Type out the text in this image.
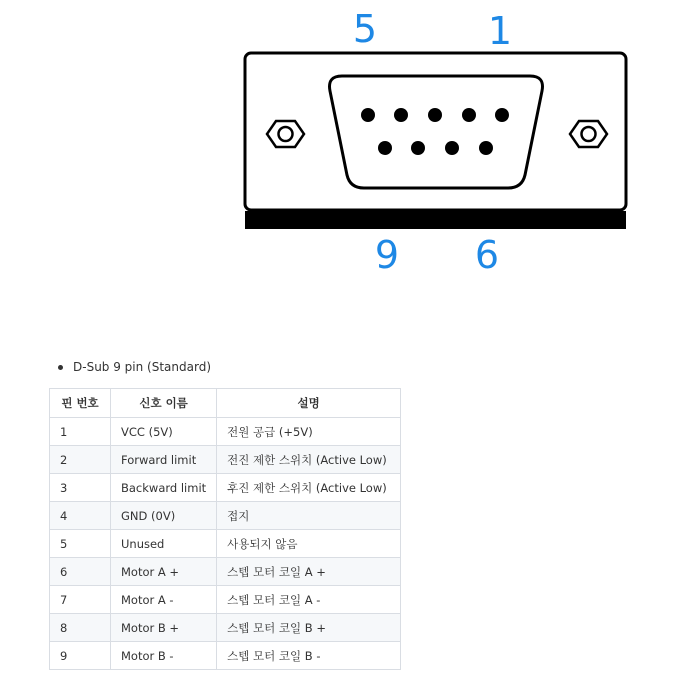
5	1
9 6
D-Sub 9 pin (Standard)
핀 번호	신호 이름	설명
1	VCC (5V)	전원 공급 (+5V)
2	Forward limit	전진 제한 스위치 (Active Low)
3	Backward limit	후진 제한 스위치 (Active Low)
4	GND (0V)	접지
5	Unused	사용되지 않음
6	Motor A +	스텝 모터 코일 A +
7	Motor A -	스텝 모터 코일 A -
8	Motor B +	스텝 모터 코일 B +
9	Motor B -	스텝 모터 코일 B -
